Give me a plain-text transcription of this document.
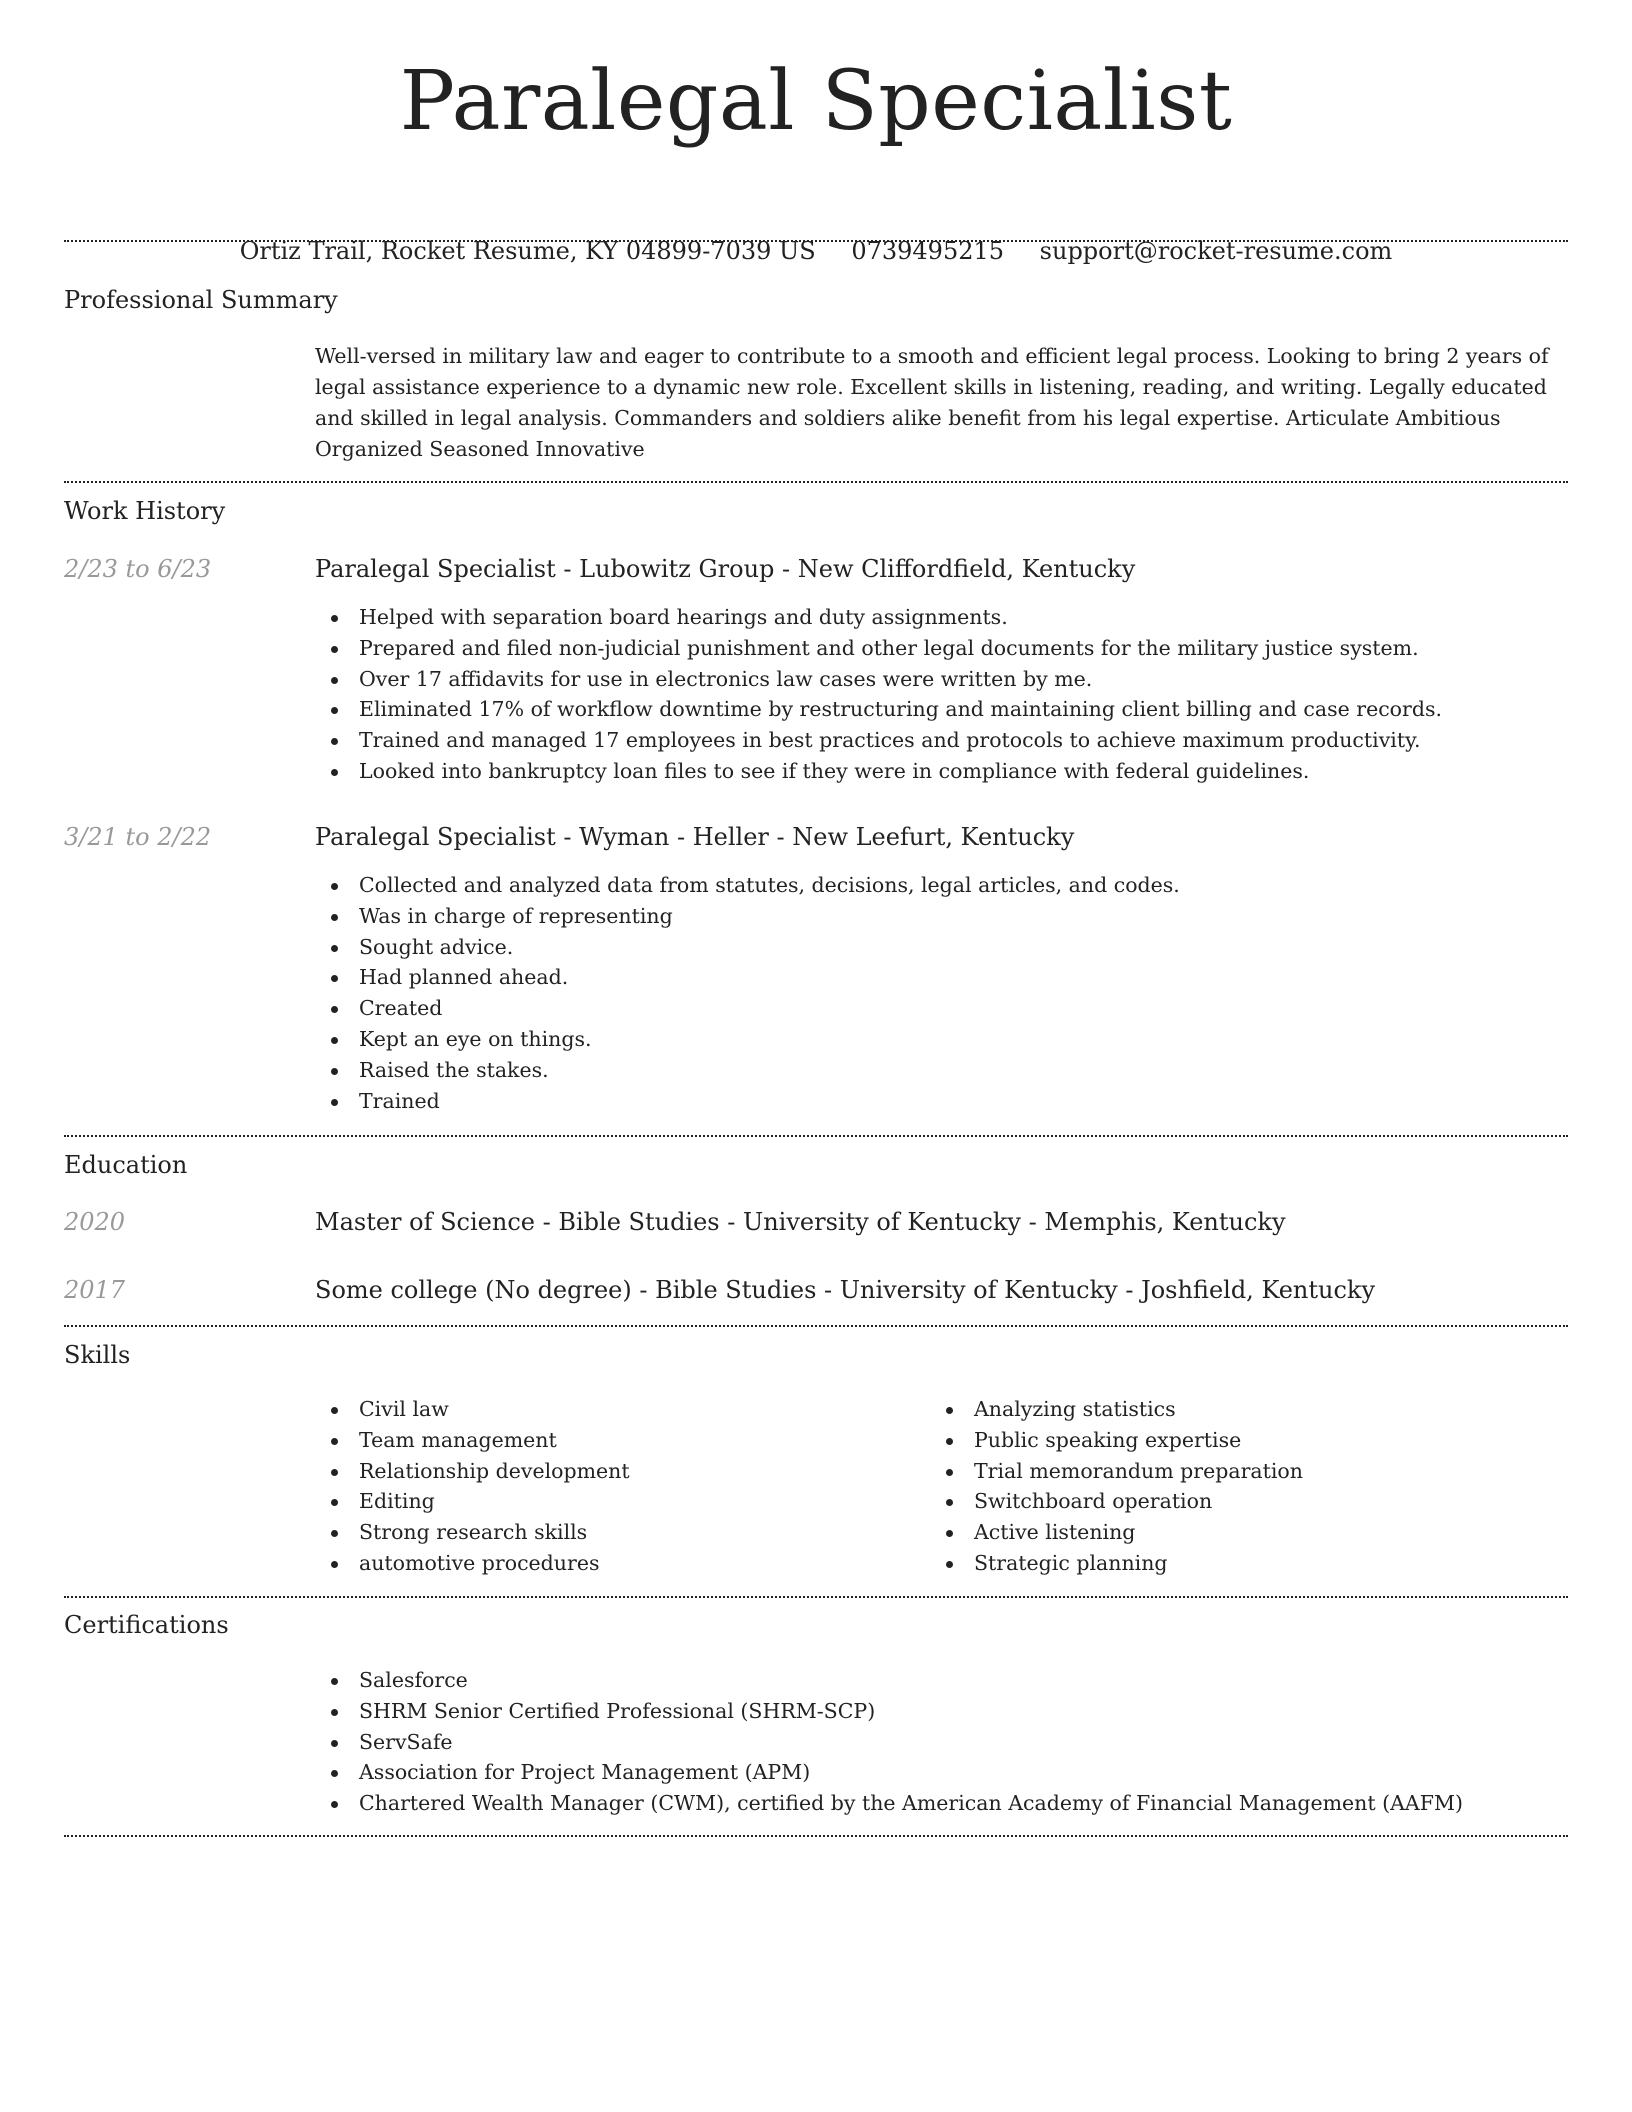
Paralegal Specialist
Ortiz Trail, Rocket Resume, KY 04899-7039 US 0739495215 support@rocket-resume.com
Professional Summary

Well-versed in military law and eager to contribute to a smooth and efficient legal process. Looking to bring 2 years of legal assistance experience to a dynamic new role. Excellent skills in listening, reading, and writing. Legally educated and skilled in legal analysis. Commanders and soldiers alike benefit from his legal expertise. Articulate Ambitious Organized Seasoned Innovative

Work History
2/23 to 6/23	Paralegal Specialist - Lubowitz Group - New Cliffordfield, Kentucky
Helped with separation board hearings and duty assignments.
Prepared and filed non-judicial punishment and other legal documents for the military justice system.
Over 17 affidavits for use in electronics law cases were written by me.
Eliminated 17% of workflow downtime by restructuring and maintaining client billing and case records.
Trained and managed 17 employees in best practices and protocols to achieve maximum productivity.
Looked into bankruptcy loan files to see if they were in compliance with federal guidelines.
3/21 to 2/22	Paralegal Specialist - Wyman - Heller - New Leefurt, Kentucky
Collected and analyzed data from statutes, decisions, legal articles, and codes.
Was in charge of representing
Sought advice.
Had planned ahead.
Created
Kept an eye on things.
Raised the stakes.
Trained
Education
2020	Master of Science - Bible Studies - University of Kentucky - Memphis, Kentucky
2017	Some college (No degree) - Bible Studies - University of Kentucky - Joshfield, Kentucky
Skills
Civil law
Team management
Relationship development
Editing
Strong research skills
automotive procedures
Analyzing statistics
Public speaking expertise
Trial memorandum preparation
Switchboard operation
Active listening
Strategic planning
Certifications
Salesforce
SHRM Senior Certified Professional (SHRM-SCP)
ServSafe
Association for Project Management (APM)
Chartered Wealth Manager (CWM), certified by the American Academy of Financial Management (AAFM)
